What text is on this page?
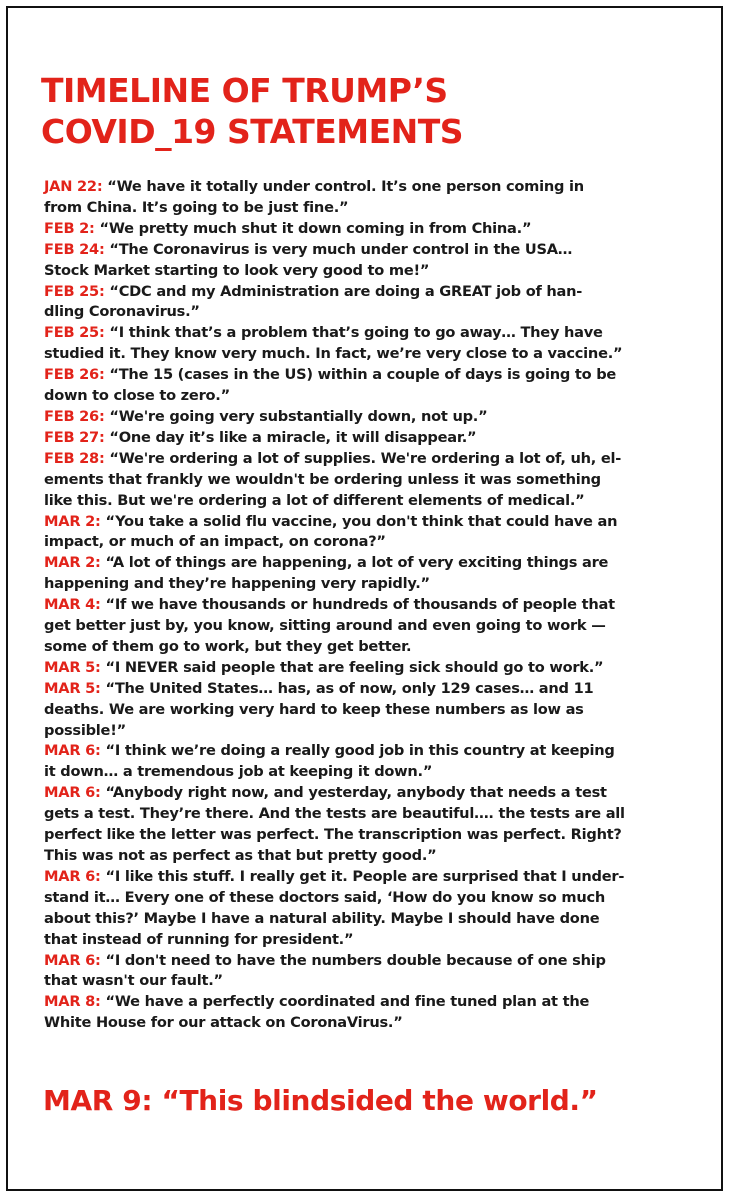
TIMELINE OF TRUMP’S
COVID_19 STATEMENTS
JAN 22: “We have it totally under control. It’s one person coming in
from China. It’s going to be just fine.”
FEB 2: “We pretty much shut it down coming in from China.”
FEB 24: “The Coronavirus is very much under control in the USA…
Stock Market starting to look very good to me!”
FEB 25: “CDC and my Administration are doing a GREAT job of han-
dling Coronavirus.”
FEB 25: “I think that’s a problem that’s going to go away… They have
studied it. They know very much. In fact, we’re very close to a vaccine.”
FEB 26: “The 15 (cases in the US) within a couple of days is going to be
down to close to zero.”
FEB 26: “We're going very substantially down, not up.”
FEB 27: “One day it’s like a miracle, it will disappear.”
FEB 28: “We're ordering a lot of supplies. We're ordering a lot of, uh, el-
ements that frankly we wouldn't be ordering unless it was something
like this. But we're ordering a lot of different elements of medical.”
MAR 2: “You take a solid flu vaccine, you don't think that could have an
impact, or much of an impact, on corona?”
MAR 2: “A lot of things are happening, a lot of very exciting things are
happening and they’re happening very rapidly.”
MAR 4: “If we have thousands or hundreds of thousands of people that
get better just by, you know, sitting around and even going to work —
some of them go to work, but they get better.
MAR 5: “I NEVER said people that are feeling sick should go to work.”
MAR 5: “The United States… has, as of now, only 129 cases… and 11
deaths. We are working very hard to keep these numbers as low as
possible!”
MAR 6: “I think we’re doing a really good job in this country at keeping
it down… a tremendous job at keeping it down.”
MAR 6: “Anybody right now, and yesterday, anybody that needs a test
gets a test. They’re there. And the tests are beautiful…. the tests are all
perfect like the letter was perfect. The transcription was perfect. Right?
This was not as perfect as that but pretty good.”
MAR 6: “I like this stuff. I really get it. People are surprised that I under-
stand it… Every one of these doctors said, ‘How do you know so much
about this?’ Maybe I have a natural ability. Maybe I should have done
that instead of running for president.”
MAR 6: “I don't need to have the numbers double because of one ship
that wasn't our fault.”
MAR 8: “We have a perfectly coordinated and fine tuned plan at the
White House for our attack on CoronaVirus.”

MAR 9: “This blindsided the world.”
